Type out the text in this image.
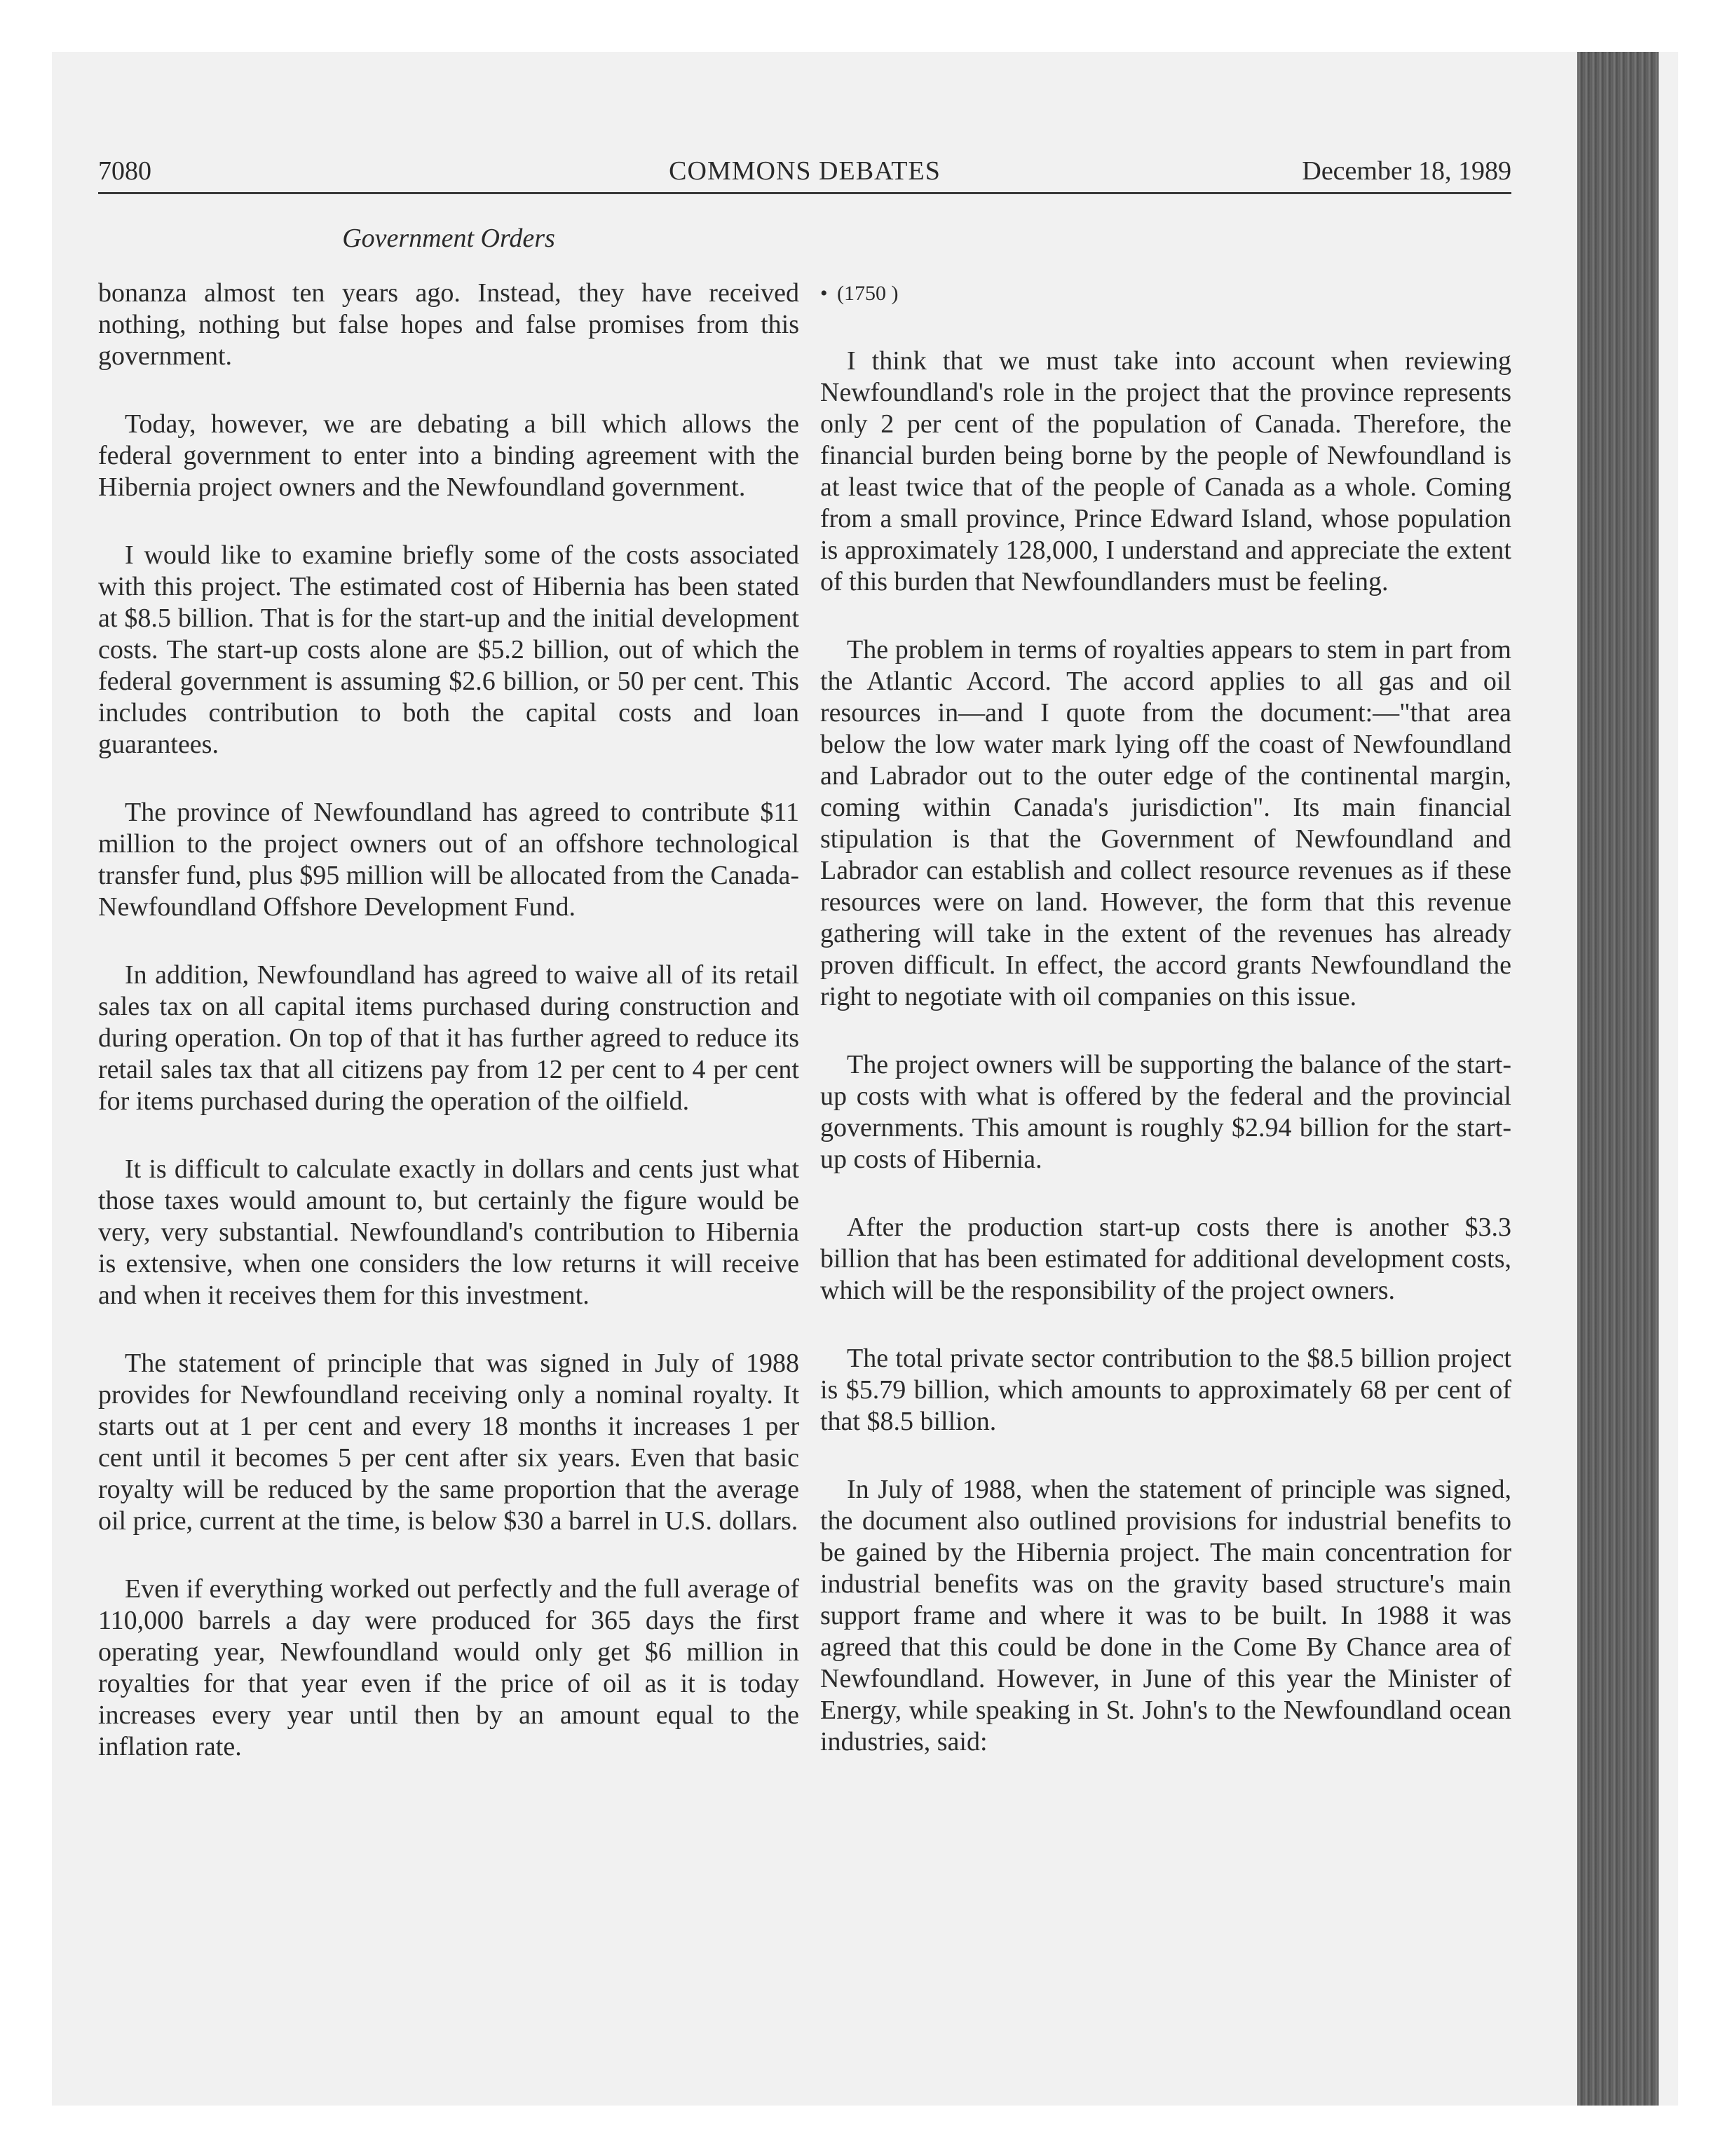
7080	COMMONS DEBATES	December 18, 1989
Government Orders

bonanza almost ten years ago. Instead, they have received nothing, nothing but false hopes and false promises from this government.

Today, however, we are debating a bill which allows the federal government to enter into a binding agreement with the Hibernia project owners and the Newfoundland government.

I would like to examine briefly some of the costs associated with this project. The estimated cost of Hibernia has been stated at $8.5 billion. That is for the start-up and the initial development costs. The start-up costs alone are $5.2 billion, out of which the federal government is assuming $2.6 billion, or 50 per cent. This includes contribution to both the capital costs and loan guarantees.

The province of Newfoundland has agreed to contribute $11 million to the project owners out of an offshore technological transfer fund, plus $95 million will be allocated from the Canada-Newfoundland Offshore Development Fund.

In addition, Newfoundland has agreed to waive all of its retail sales tax on all capital items purchased during construction and during operation. On top of that it has further agreed to reduce its retail sales tax that all citizens pay from 12 per cent to 4 per cent for items purchased during the operation of the oilfield.

It is difficult to calculate exactly in dollars and cents just what those taxes would amount to, but certainly the figure would be very, very substantial. Newfoundland's contribution to Hibernia is extensive, when one considers the low returns it will receive and when it receives them for this investment.

The statement of principle that was signed in July of 1988 provides for Newfoundland receiving only a nominal royalty. It starts out at 1 per cent and every 18 months it increases 1 per cent until it becomes 5 per cent after six years. Even that basic royalty will be reduced by the same proportion that the average oil price, current at the time, is below $30 a barrel in U.S. dollars.

Even if everything worked out perfectly and the full average of 110,000 barrels a day were produced for 365 days the first operating year, Newfoundland would only get $6 million in royalties for that year even if the price of oil as it is today increases every year until then by an amount equal to the inflation rate.

• (1750 )

I think that we must take into account when reviewing Newfoundland's role in the project that the province represents only 2 per cent of the population of Canada. Therefore, the financial burden being borne by the people of Newfoundland is at least twice that of the people of Canada as a whole. Coming from a small province, Prince Edward Island, whose population is approximately 128,000, I understand and appreciate the extent of this burden that Newfoundlanders must be feeling.

The problem in terms of royalties appears to stem in part from the Atlantic Accord. The accord applies to all gas and oil resources in—and I quote from the document:—"that area below the low water mark lying off the coast of Newfoundland and Labrador out to the outer edge of the continental margin, coming within Canada's jurisdiction". Its main financial stipulation is that the Government of Newfoundland and Labrador can establish and collect resource revenues as if these resources were on land. However, the form that this revenue gathering will take in the extent of the revenues has already proven difficult. In effect, the accord grants Newfoundland the right to negotiate with oil companies on this issue.

The project owners will be supporting the balance of the start-up costs with what is offered by the federal and the provincial governments. This amount is roughly $2.94 billion for the start-up costs of Hibernia.

After the production start-up costs there is another $3.3 billion that has been estimated for additional development costs, which will be the responsibility of the project owners.

The total private sector contribution to the $8.5 billion project is $5.79 billion, which amounts to approximately 68 per cent of that $8.5 billion.

In July of 1988, when the statement of principle was signed, the document also outlined provisions for industrial benefits to be gained by the Hibernia project. The main concentration for industrial benefits was on the gravity based structure's main support frame and where it was to be built. In 1988 it was agreed that this could be done in the Come By Chance area of Newfoundland. However, in June of this year the Minister of Energy, while speaking in St. John's to the Newfoundland ocean industries, said:
